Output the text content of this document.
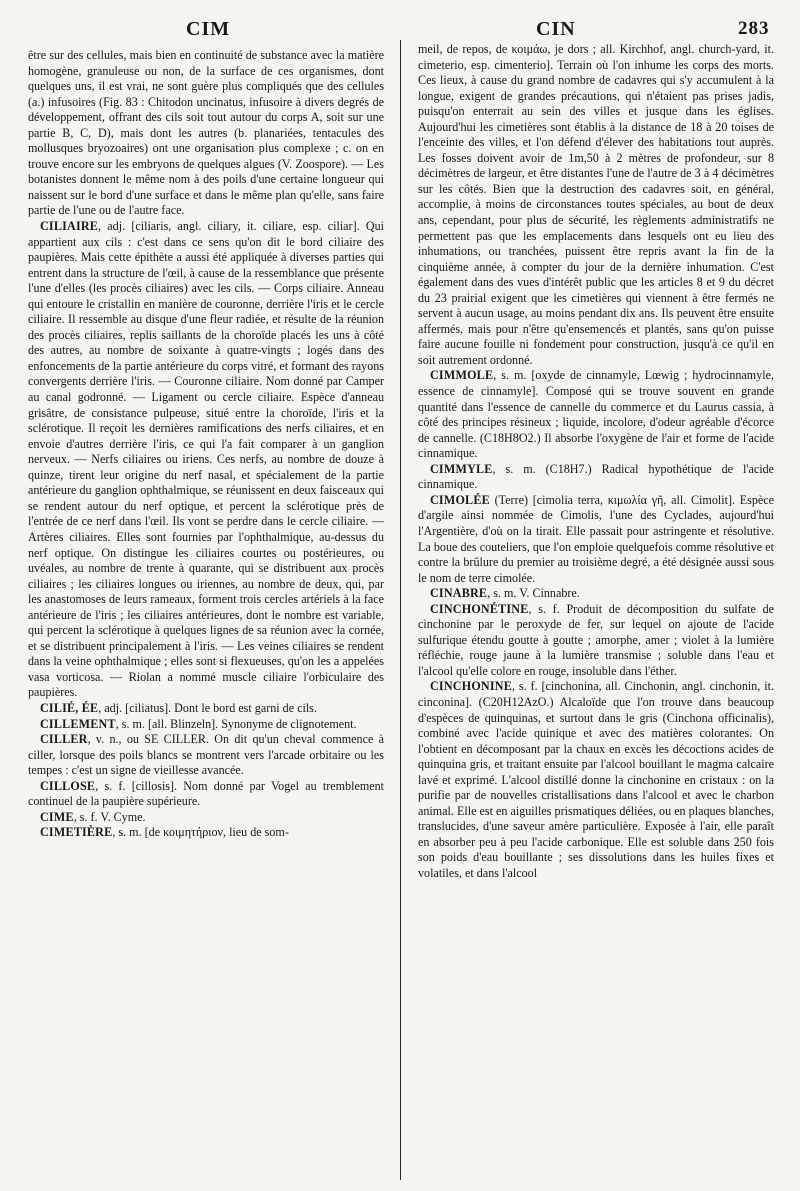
CIM	CIN	283

être sur des cellules, mais bien en continuité de substance avec la matière homogène, granuleuse ou non, de la surface de ces organismes, dont quelques uns, il est vrai, ne sont guère plus compliqués que des cellules (a.) infusoires (Fig. 83 : Chitodon uncinatus, infusoire à divers degrés de développement, offrant des cils soit tout autour du corps A, soit sur une partie B, C, D), mais dont les autres (b. planariées, tentacules des mollusques bryozoaires) ont une organisation plus complexe ; c. on en trouve encore sur les embryons de quelques algues (V. Zoospore). — Les botanistes donnent le même nom à des poils d'une certaine longueur qui naissent sur le bord d'une surface et dans le même plan qu'elle, sans faire partie de l'une ou de l'autre face.

CILIAIRE, adj. [ciliaris, angl. ciliary, it. ciliare, esp. ciliar]. Qui appartient aux cils : c'est dans ce sens qu'on dit le bord ciliaire des paupières. Mais cette épithète a aussi été appliquée à diverses parties qui entrent dans la structure de l'œil, à cause de la ressemblance que présente l'une d'elles (les procès ciliaires) avec les cils. — Corps ciliaire. Anneau qui entoure le cristallin en manière de couronne, derrière l'iris et le cercle ciliaire. Il ressemble au disque d'une fleur radiée, et résulte de la réunion des procès ciliaires, replis saillants de la choroïde placés les uns à côté des autres, au nombre de soixante à quatre-vingts ; logés dans des enfoncements de la partie antérieure du corps vitré, et formant des rayons convergents derrière l'iris. — Couronne ciliaire. Nom donné par Camper au canal godronné. — Ligament ou cercle ciliaire. Espèce d'anneau grisâtre, de consistance pulpeuse, situé entre la choroïde, l'iris et la sclérotique. Il reçoit les dernières ramifications des nerfs ciliaires, et en envoie d'autres derrière l'iris, ce qui l'a fait comparer à un ganglion nerveux. — Nerfs ciliaires ou iriens. Ces nerfs, au nombre de douze à quinze, tirent leur origine du nerf nasal, et spécialement de la partie antérieure du ganglion ophthalmique, se réunissent en deux faisceaux qui se rendent autour du nerf optique, et percent la sclérotique près de l'entrée de ce nerf dans l'œil. Ils vont se perdre dans le cercle ciliaire. — Artères ciliaires. Elles sont fournies par l'ophthalmique, au-dessus du nerf optique. On distingue les ciliaires courtes ou postérieures, ou uvéales, au nombre de trente à quarante, qui se distribuent aux procès ciliaires ; les ciliaires longues ou iriennes, au nombre de deux, qui, par les anastomoses de leurs rameaux, forment trois cercles artériels à la face antérieure de l'iris ; les ciliaires antérieures, dont le nombre est variable, qui percent la sclérotique à quelques lignes de sa réunion avec la cornée, et se distribuent principalement à l'iris. — Les veines ciliaires se rendent dans la veine ophthalmique ; elles sont si flexueuses, qu'on les a appelées vasa vorticosa. — Riolan a nommé muscle ciliaire l'orbiculaire des paupières.

CILIÉ, ÉE, adj. [ciliatus]. Dont le bord est garni de cils.

CILLEMENT, s. m. [all. Blinzeln]. Synonyme de clignotement.

CILLER, v. n., ou SE CILLER. On dit qu'un cheval commence à ciller, lorsque des poils blancs se montrent vers l'arcade orbitaire ou les tempes : c'est un signe de vieillesse avancée.

CILLOSE, s. f. [cillosis]. Nom donné par Vogel au tremblement continuel de la paupière supérieure.

CIME, s. f. V. Cyme.

CIMETIÈRE, s. m. [de κοιμητήριον, lieu de som-

meil, de repos, de κοιμάω, je dors ; all. Kirchhof, angl. church-yard, it. cimeterio, esp. cimenterio]. Terrain où l'on inhume les corps des morts. Ces lieux, à cause du grand nombre de cadavres qui s'y accumulent à la longue, exigent de grandes précautions, qui n'étaient pas prises jadis, puisqu'on enterrait au sein des villes et jusque dans les églises. Aujourd'hui les cimetières sont établis à la distance de 18 à 20 toises de l'enceinte des villes, et l'on défend d'élever des habitations tout auprès. Les fosses doivent avoir de 1m,50 à 2 mètres de profondeur, sur 8 décimètres de largeur, et être distantes l'une de l'autre de 3 à 4 décimètres sur les côtés. Bien que la destruction des cadavres soit, en général, accomplie, à moins de circonstances toutes spéciales, au bout de deux ans, cependant, pour plus de sécurité, les règlements administratifs ne permettent pas que les emplacements dans lesquels ont eu lieu des inhumations, ou tranchées, puissent être repris avant la fin de la cinquième année, à compter du jour de la dernière inhumation. C'est également dans des vues d'intérêt public que les articles 8 et 9 du décret du 23 prairial exigent que les cimetières qui viennent à être fermés ne servent à aucun usage, au moins pendant dix ans. Ils peuvent être ensuite affermés, mais pour n'être qu'ensemencés et plantés, sans qu'on puisse faire aucune fouille ni fondement pour construction, jusqu'à ce qu'il en soit autrement ordonné.

CIMMOLE, s. m. [oxyde de cinnamyle, Lœwig ; hydrocinnamyle, essence de cinnamyle]. Composé qui se trouve souvent en grande quantité dans l'essence de cannelle du commerce et du Laurus cassia, à côté des principes résineux ; liquide, incolore, d'odeur agréable d'écorce de cannelle. (C18H8O2.) Il absorbe l'oxygène de l'air et forme de l'acide cinnamique.

CIMMYLE, s. m. (C18H7.) Radical hypothétique de l'acide cinnamique.

CIMOLÉE (Terre) [cimolia terra, κιμωλία γῆ, all. Cimolit]. Espèce d'argile ainsi nommée de Cimolis, l'une des Cyclades, aujourd'hui l'Argentière, d'où on la tirait. Elle passait pour astringente et résolutive. La boue des couteliers, que l'on emploie quelquefois comme résolutive et contre la brûlure du premier au troisième degré, a été désignée aussi sous le nom de terre cimolée.

CINABRE, s. m. V. Cinnabre.

CINCHONÉTINE, s. f. Produit de décomposition du sulfate de cinchonine par le peroxyde de fer, sur lequel on ajoute de l'acide sulfurique étendu goutte à goutte ; amorphe, amer ; violet à la lumière réfléchie, rouge jaune à la lumière transmise ; soluble dans l'eau et l'alcool qu'elle colore en rouge, insoluble dans l'éther.

CINCHONINE, s. f. [cinchonina, all. Cinchonin, angl. cinchonin, it. cinconina]. (C20H12AzO.) Alcaloïde que l'on trouve dans beaucoup d'espèces de quinquinas, et surtout dans le gris (Cinchona officinalis), combiné avec l'acide quinique et avec des matières colorantes. On l'obtient en décomposant par la chaux en excès les décoctions acides de quinquina gris, et traitant ensuite par l'alcool bouillant le magma calcaire lavé et exprimé. L'alcool distillé donne la cinchonine en cristaux : on la purifie par de nouvelles cristallisations dans l'alcool et avec le charbon animal. Elle est en aiguilles prismatiques déliées, ou en plaques blanches, translucides, d'une saveur amère particulière. Exposée à l'air, elle paraît en absorber peu à peu l'acide carbonique. Elle est soluble dans 250 fois son poids d'eau bouillante ; ses dissolutions dans les huiles fixes et volatiles, et dans l'alcool
